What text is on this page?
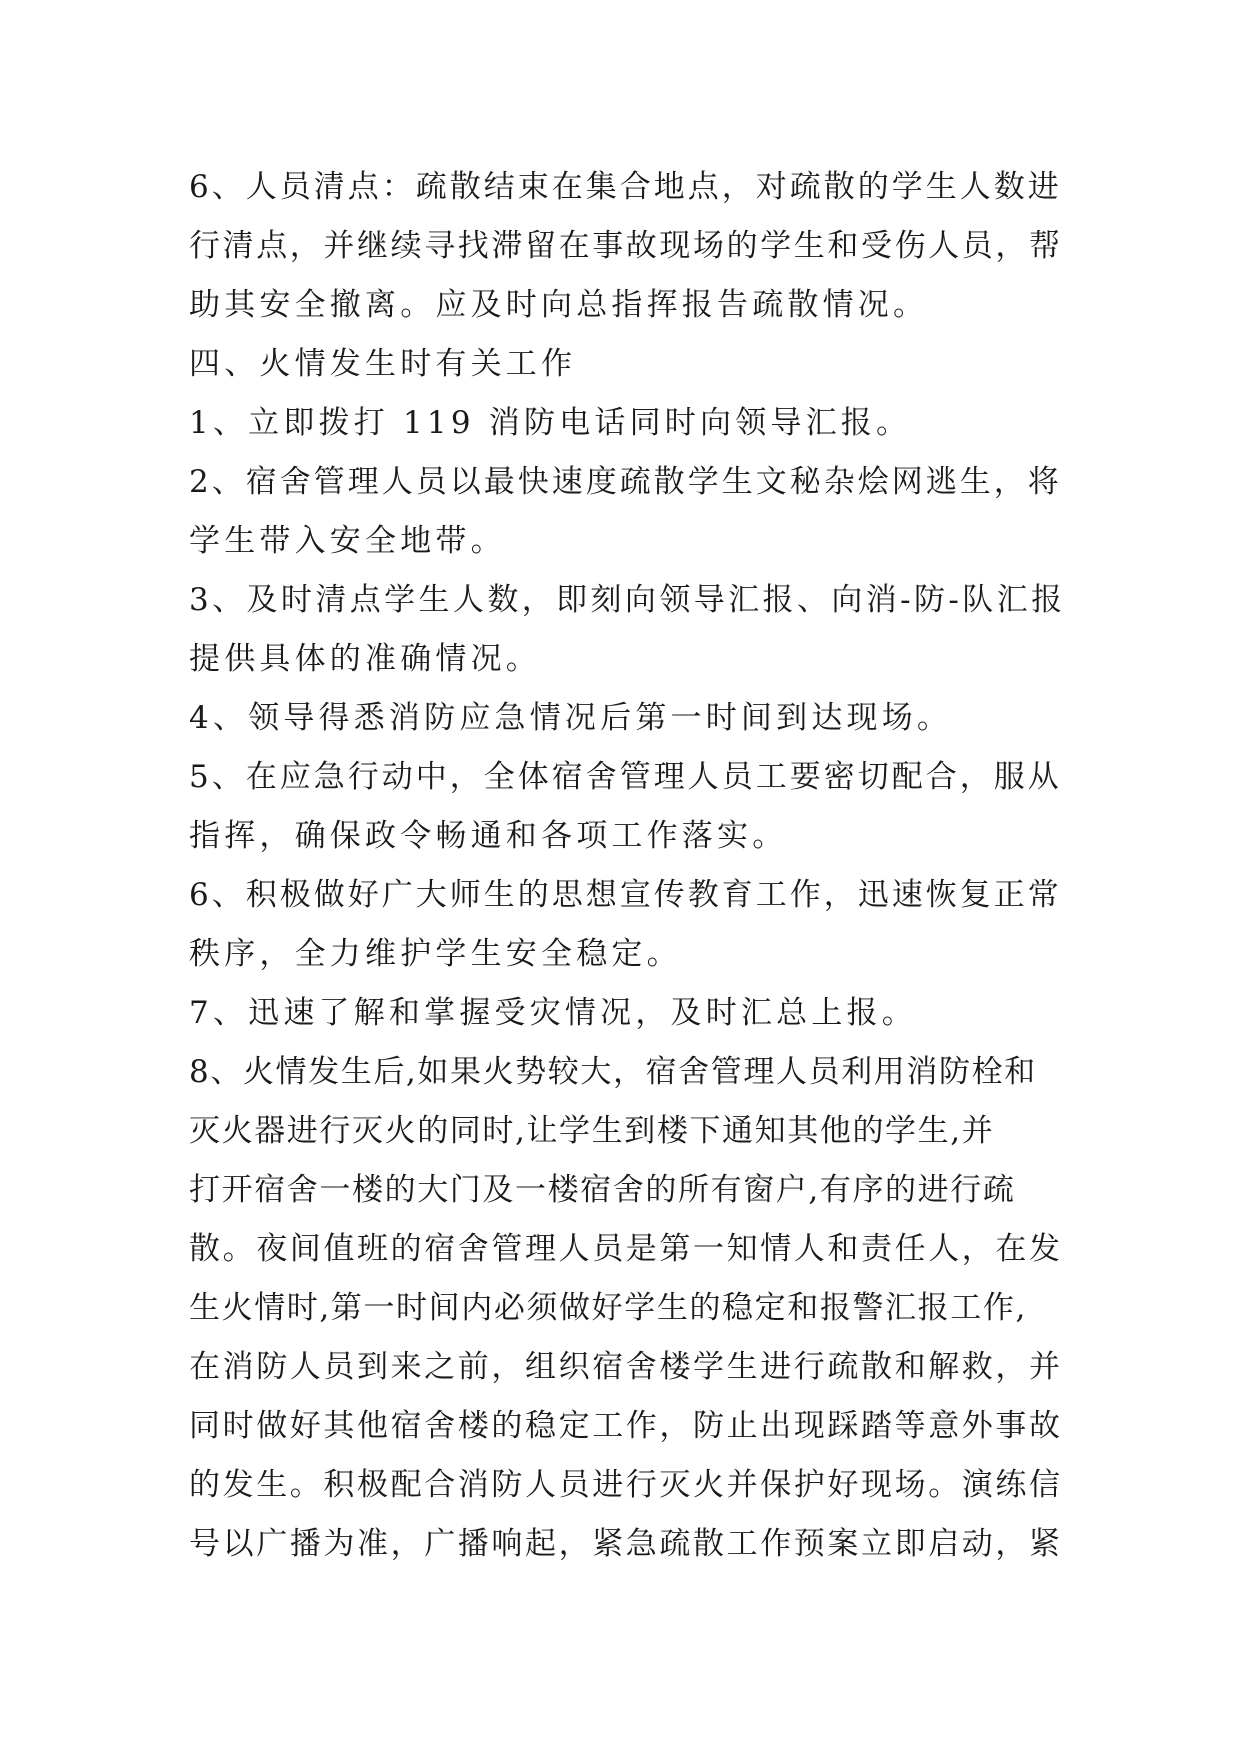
6、人员清点：疏散结束在集合地点，对疏散的学生人数进
行清点，并继续寻找滞留在事故现场的学生和受伤人员，帮
助其安全撤离。应及时向总指挥报告疏散情况。
四、火情发生时有关工作
1、立即拨打 119 消防电话同时向领导汇报。
2、宿舍管理人员以最快速度疏散学生文秘杂烩网逃生，将
学生带入安全地带。
3、及时清点学生人数，即刻向领导汇报、向消-防-队汇报
提供具体的准确情况。
4、领导得悉消防应急情况后第一时间到达现场。
5、在应急行动中，全体宿舍管理人员工要密切配合，服从
指挥，确保政令畅通和各项工作落实。
6、积极做好广大师生的思想宣传教育工作，迅速恢复正常
秩序，全力维护学生安全稳定。
7、迅速了解和掌握受灾情况，及时汇总上报。
8、火情发生后,如果火势较大，宿舍管理人员利用消防栓和
灭火器进行灭火的同时,让学生到楼下通知其他的学生,并
打开宿舍一楼的大门及一楼宿舍的所有窗户,有序的进行疏
散。夜间值班的宿舍管理人员是第一知情人和责任人，在发
生火情时,第一时间内必须做好学生的稳定和报警汇报工作,
在消防人员到来之前，组织宿舍楼学生进行疏散和解救，并
同时做好其他宿舍楼的稳定工作，防止出现踩踏等意外事故
的发生。积极配合消防人员进行灭火并保护好现场。演练信
号以广播为准，广播响起，紧急疏散工作预案立即启动，紧
